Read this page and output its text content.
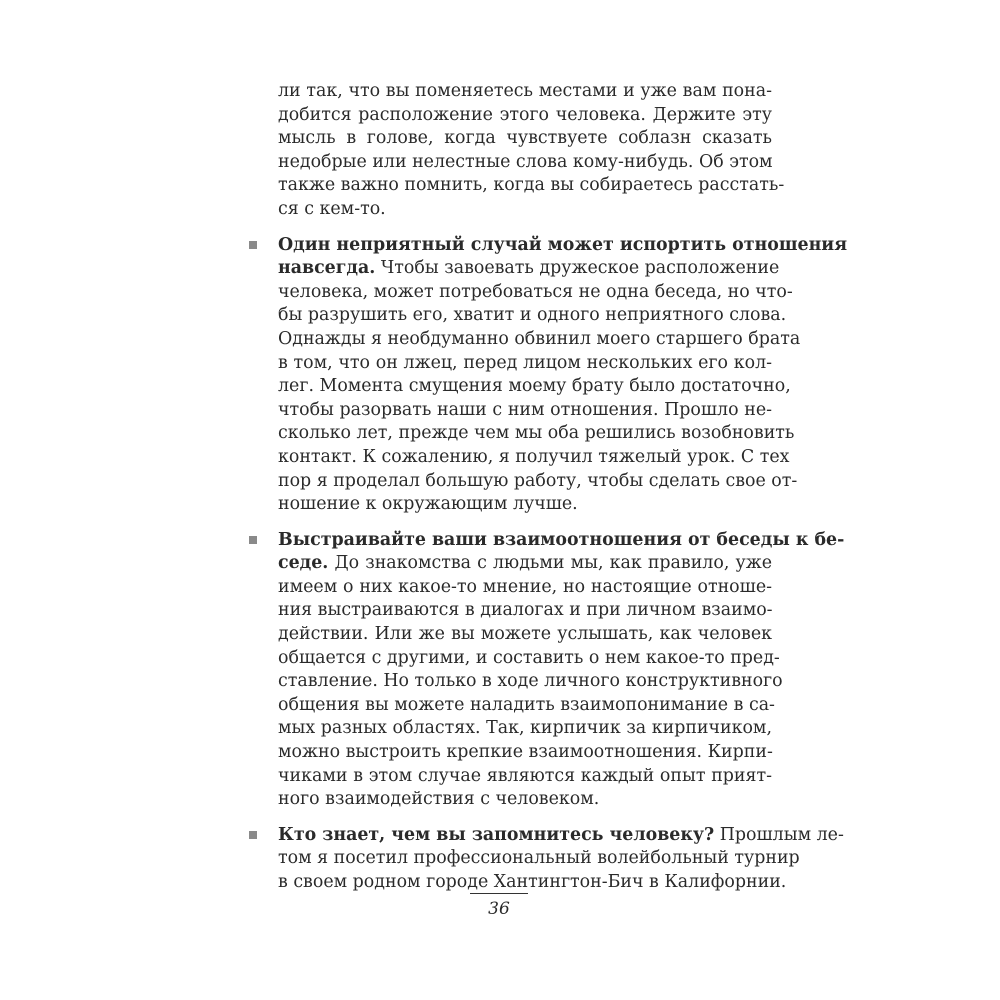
ли так, что вы поменяетесь местами и уже вам пона-
добится расположение этого человека. Держите эту
мысль в голове, когда чувствуете соблазн сказать
недобрые или нелестные слова кому-нибудь. Об этом
также важно помнить, когда вы собираетесь расстать-
ся с кем-то.

Один неприятный случай может испортить отношения
навсегда. Чтобы завоевать дружеское расположение
человека, может потребоваться не одна беседа, но что-
бы разрушить его, хватит и одного неприятного слова.
Однажды я необдуманно обвинил моего старшего брата
в том, что он лжец, перед лицом нескольких его кол-
лег. Момента смущения моему брату было достаточно,
чтобы разорвать наши с ним отношения. Прошло не-
сколько лет, прежде чем мы оба решились возобновить
контакт. К сожалению, я получил тяжелый урок. С тех
пор я проделал большую работу, чтобы сделать свое от-
ношение к окружающим лучше.
Выстраивайте ваши взаимоотношения от беседы к бе-
седе. До знакомства с людьми мы, как правило, уже
имеем о них какое-то мнение, но настоящие отноше-
ния выстраиваются в диалогах и при личном взаимо-
действии. Или же вы можете услышать, как человек
общается с другими, и составить о нем какое-то пред-
ставление. Но только в ходе личного конструктивного
общения вы можете наладить взаимопонимание в са-
мых разных областях. Так, кирпичик за кирпичиком,
можно выстроить крепкие взаимоотношения. Кирпи-
чиками в этом случае являются каждый опыт прият-
ного взаимодействия с человеком.
Кто знает, чем вы запомнитесь человеку? Прошлым ле-
том я посетил профессиональный волейбольный турнир
в своем родном городе Хантингтон-Бич в Калифорнии.
36
